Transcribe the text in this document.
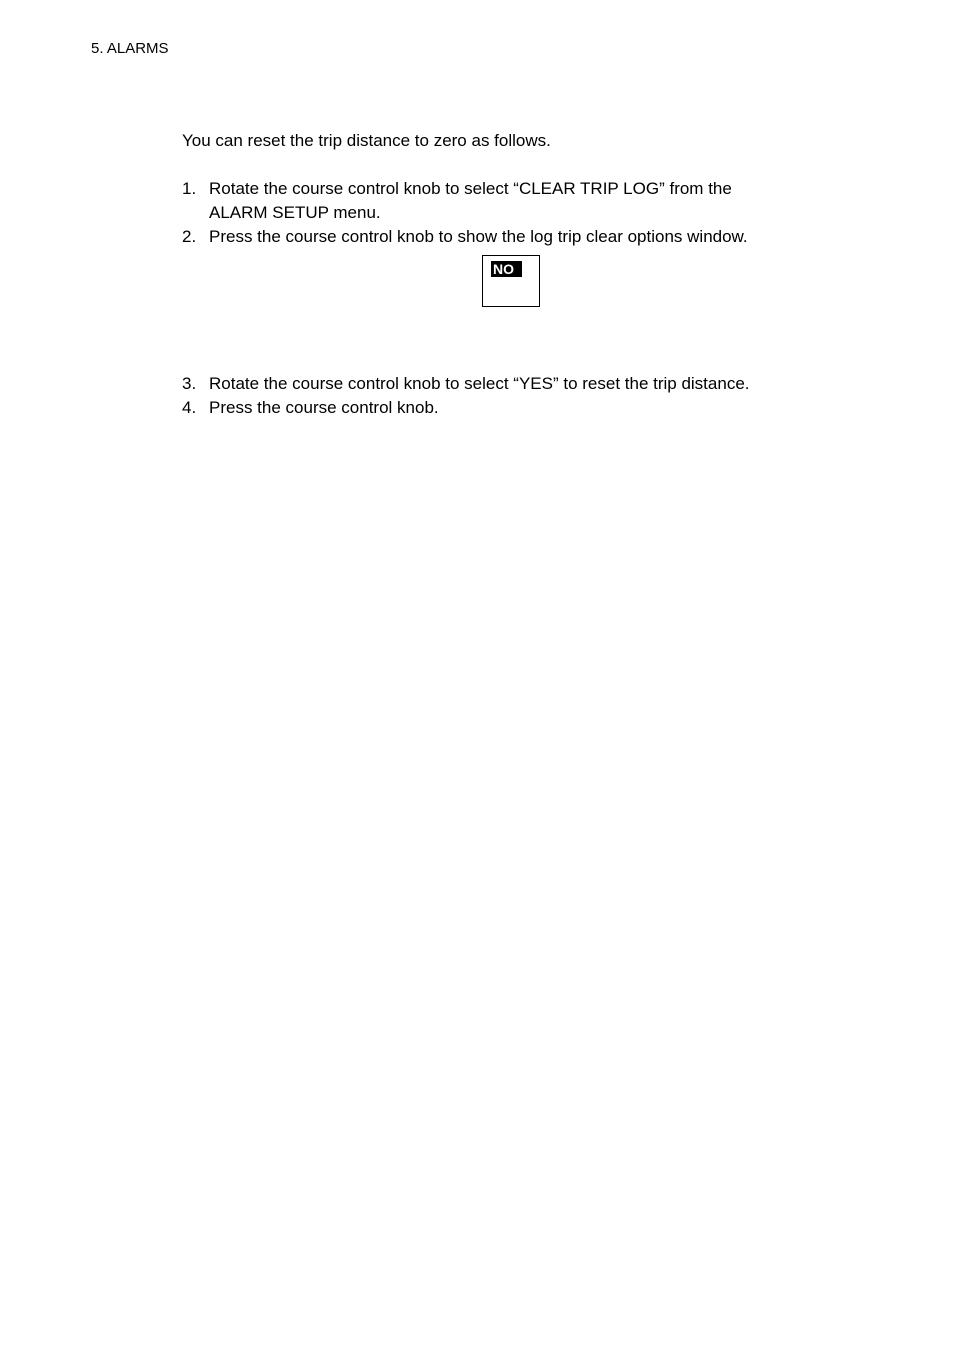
5. ALARMS

You can reset the trip distance to zero as follows.

1. Rotate the course control knob to select “CLEAR TRIP LOG” from the
ALARM SETUP menu.
2. Press the course control knob to show the log trip clear options window.
NO
3. Rotate the course control knob to select “YES” to reset the trip distance.
4. Press the course control knob.
